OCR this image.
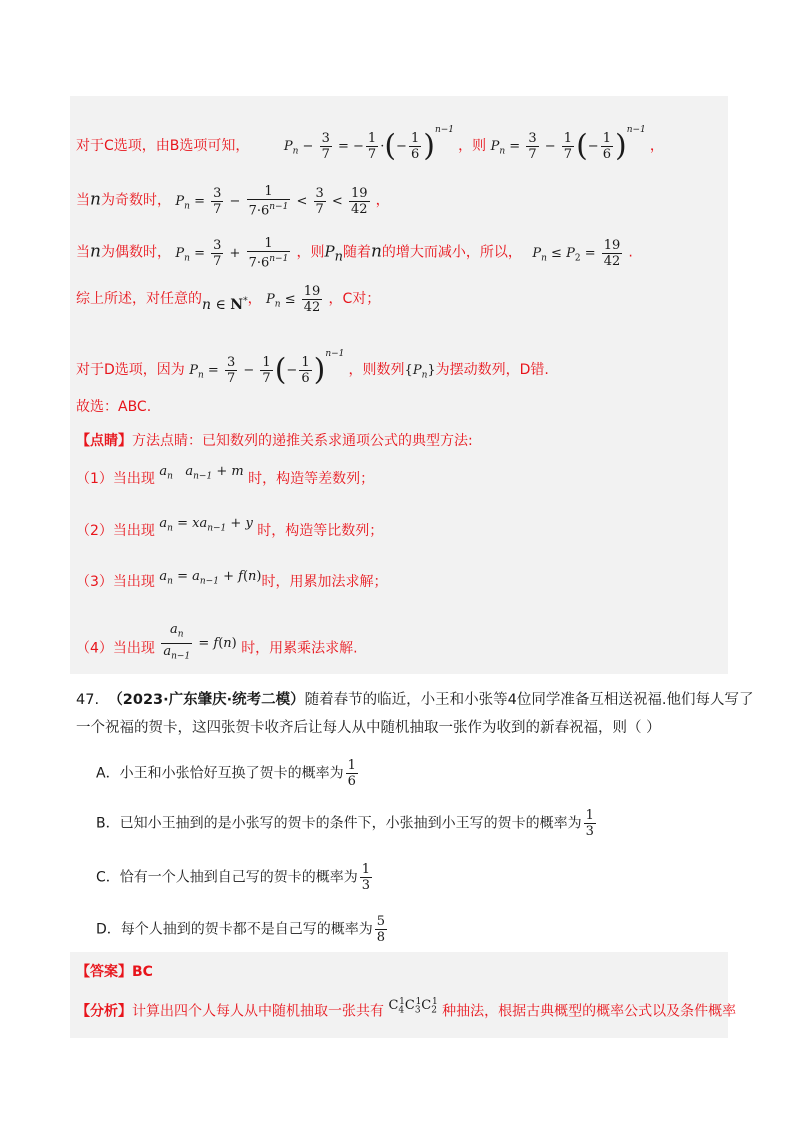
对于C选项，由B选项可知，	$P_n - \frac{3}{7}$ = − $\frac{1}{7}$ ·(− $\frac{1}{6} )^{n-1}$ ，则 $P_n = \frac{3}{7} - \frac{1}{7}$ (− $\frac{1}{6} )^{n-1}$ ，
当n为奇数时， $P_n = \frac{3}{7} - \frac{1}{7\cdot 6^{n-1}} < \frac{3}{7} < \frac{19}{42}$ ，
当n为偶数时， $P_n = \frac{3}{7} + \frac{1}{7\cdot 6^{n-1}}$ ，则$P_n$随着n的增大而减小，所以， $P_n \le P_2 = \frac{19}{42}$ .
综上所述，对任意的n ∈ N*， $P_n \le \frac{19}{42}$ ，C对；
对于D选项，因为 $P_n = \frac{3}{7} - \frac{1}{7}$ (− $\frac{1}{6} )^{n-1}$ ，则数列$\{P_n\}$为摆动数列，D错.
故选：ABC.
【点睛】方法点睛：已知数列的递推关系求通项公式的典型方法:
（1）当出现 $a_n$ $a_{n-1} + m$ 时，构造等差数列；
（2）当出现 $a_n = xa_{n-1} + y$ 时，构造等比数列；
（3）当出现 $a_n = a_{n-1} + f(n)$时，用累加法求解；
（4）当出现 $\frac{a_n}{a_{n-1}} = f(n)$ 时，用累乘法求解.
47. （2023·广东肇庆·统考二模）随着春节的临近，小王和小张等4位同学准备互相送祝福.他们每人写了
一个祝福的贺卡，这四张贺卡收齐后让每人从中随机抽取一张作为收到的新春祝福，则（ ）
A．小王和小张恰好互换了贺卡的概率为 $\frac{1}{6}$
B．已知小王抽到的是小张写的贺卡的条件下，小张抽到小王写的贺卡的概率为 $\frac{1}{3}$
C．恰有一个人抽到自己写的贺卡的概率为 $\frac{1}{3}$
D．每个人抽到的贺卡都不是自己写的概率为 $\frac{5}{8}$
【答案】BC
【分析】计算出四个人每人从中随机抽取一张共有 $C_4^1C_3^1C_2^1$ 种抽法，根据古典概型的概率公式以及条件概率
